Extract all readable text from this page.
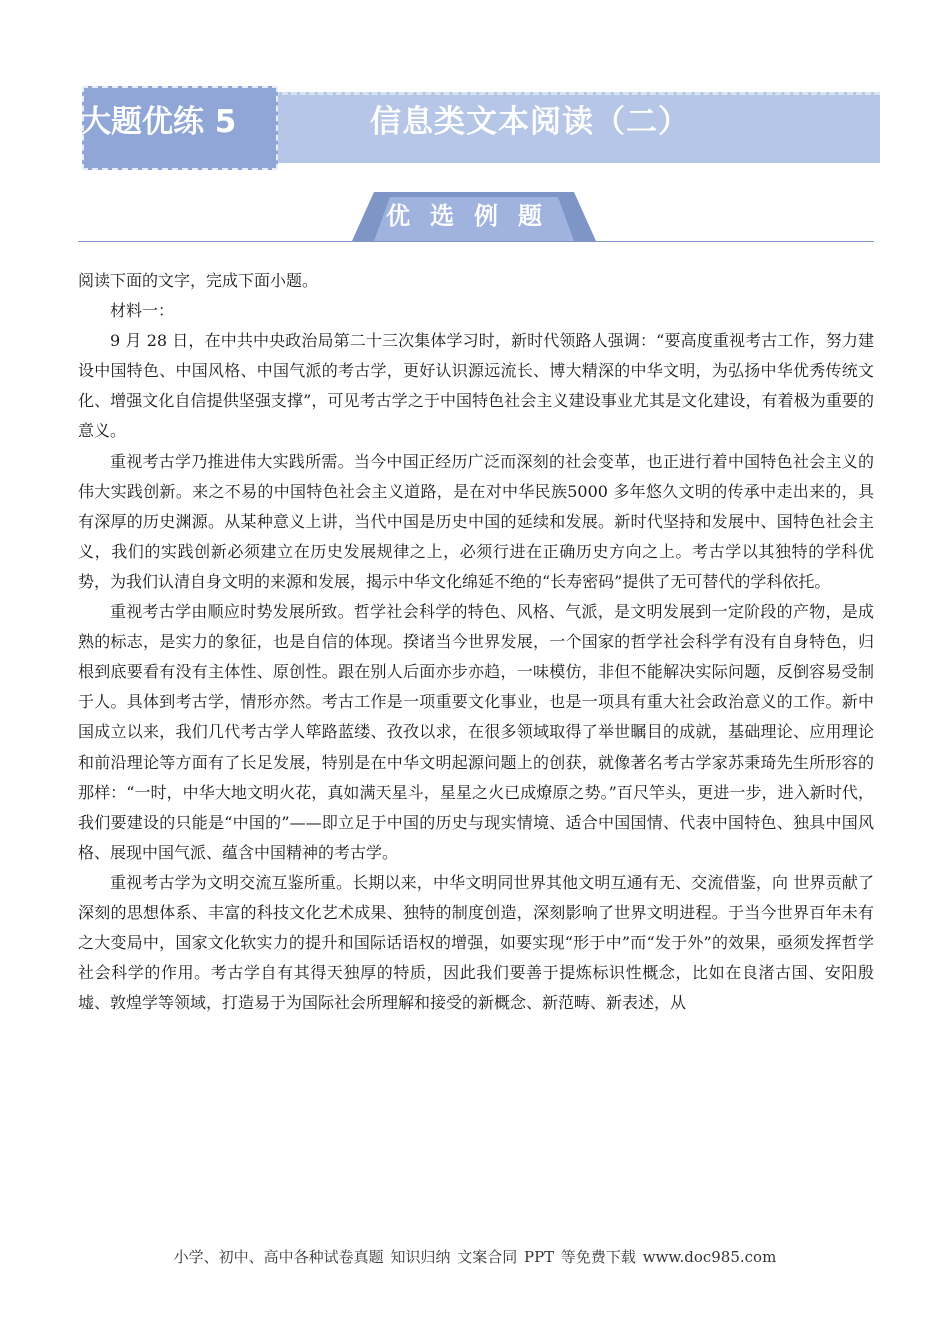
大题优练 5	信息类文本阅读（二）
优选例题

阅读下面的文字，完成下面小题。

材料一：

9 月 28 日，在中共中央政治局第二十三次集体学习时，新时代领路人强调：“要高度重视考古工作，努力建设中国特色、中国风格、中国气派的考古学，更好认识源远流长、博大精深的中华文明，为弘扬中华优秀传统文化、增强文化自信提供坚强支撑”，可见考古学之于中国特色社会主义建设事业尤其是文化建设，有着极为重要的意义。

重视考古学乃推进伟大实践所需。当今中国正经历广泛而深刻的社会变革，也正进行着中国特色社会主义的伟大实践创新。来之不易的中国特色社会主义道路，是在对中华民族5000 多年悠久文明的传承中走出来的，具有深厚的历史渊源。从某种意义上讲，当代中国是历史中国的延续和发展。新时代坚持和发展中、国特色社会主义，我们的实践创新必须建立在历史发展规律之上，必须行进在正确历史方向之上。考古学以其独特的学科优势，为我们认清自身文明的来源和发展，揭示中华文化绵延不绝的“长寿密码”提供了无可替代的学科依托。

重视考古学由顺应时势发展所致。哲学社会科学的特色、风格、气派，是文明发展到一定阶段的产物，是成熟的标志，是实力的象征，也是自信的体现。揆诸当今世界发展，一个国家的哲学社会科学有没有自身特色，归根到底要看有没有主体性、原创性。跟在别人后面亦步亦趋，一味模仿，非但不能解决实际问题，反倒容易受制于人。具体到考古学，情形亦然。考古工作是一项重要文化事业，也是一项具有重大社会政治意义的工作。新中国成立以来，我们几代考古学人筚路蓝缕、孜孜以求，在很多领域取得了举世瞩目的成就，基础理论、应用理论和前沿理论等方面有了长足发展，特别是在中华文明起源问题上的创获，就像著名考古学家苏秉琦先生所形容的那样：“一时，中华大地文明火花，真如满天星斗，星星之火已成燎原之势。”百尺竿头，更进一步，进入新时代，我们要建设的只能是“中国的”——即立足于中国的历史与现实情境、适合中国国情、代表中国特色、独具中国风格、展现中国气派、蕴含中国精神的考古学。

重视考古学为文明交流互鉴所重。长期以来，中华文明同世界其他文明互通有无、交流借鉴，向 世界贡献了深刻的思想体系、丰富的科技文化艺术成果、独特的制度创造，深刻影响了世界文明进程。于当今世界百年未有之大变局中，国家文化软实力的提升和国际话语权的增强，如要实现“形于中”而“发于外”的效果，亟须发挥哲学社会科学的作用。考古学自有其得天独厚的特质，因此我们要善于提炼标识性概念，比如在良渚古国、安阳殷墟、敦煌学等领域，打造易于为国际社会所理解和接受的新概念、新范畴、新表述，从

小学、初中、高中各种试卷真题 知识归纳 文案合同 PPT 等免费下载 www.doc985.com
